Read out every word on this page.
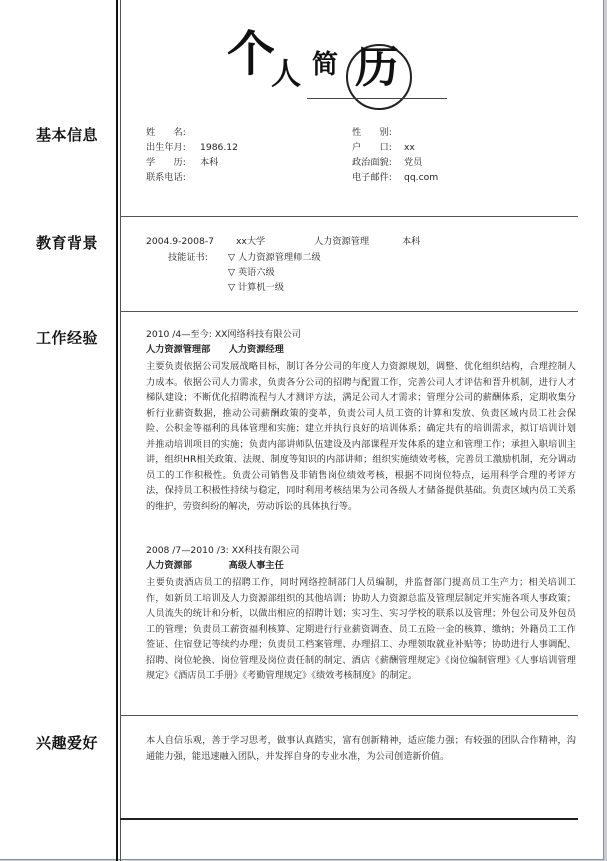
个
人 简 历
基本信息	姓　　名:	性　　别:
出生年月: 1986.12	户　　口: xx
学　　历: 本科	政治面貌: 党员
联系电话:	电子邮件: qq.com
教育背景	2004.9-2008-7 xx大学	人力资源管理	本科
技能证书: ▽ 人力资源管理师二级
▽ 英语六级
▽ 计算机一级
工作经验	2010 /4—至今: XX网络科技有限公司
人力资源管理部　　人力资源经理
主要负责依据公司发展战略目标，制订各分公司的年度人力资源规划，调整、优化组织结构，合理控制人力成本。依据公司人力需求，负责各分公司的招聘与配置工作，完善公司人才评估和晋升机制，进行人才梯队建设；不断优化招聘流程与人才测评方法，满足公司人才需求；管理分公司的薪酬体系，定期收集分析行业薪资数据，推动公司薪酬政策的变革，负责公司人员工资的计算和发放、负责区域内员工社会保险、公积金等福利的具体管理和实施；建立并执行良好的培训体系；确定共有的培训需求，拟订培训计划并推动培训项目的实施；负责内部讲师队伍建设及内部课程开发体系的建立和管理工作；承担入职培训主讲，组织HR相关政策、法规、制度等知识的内部讲师；组织实施绩效考核，完善员工激励机制，充分调动员工的工作积极性。负责公司销售及非销售岗位绩效考核，根据不同岗位特点，运用科学合理的考评方法，保持员工积极性持续与稳定，同时利用考核结果为公司各级人才储备提供基础。负责区域内员工关系的维护，劳资纠纷的解决，劳动诉讼的具体执行等。
2008 /7—2010 /3: XX科技有限公司
人力资源部　　　　高级人事主任
主要负责酒店员工的招聘工作，同时网络控制部门人员编制，并监督部门提高员工生产力；相关培训工作，如新员工培训及人力资源部组织的其他培训；协助人力资源总监及管理层制定并实施各项人事政策；人员流失的统计和分析，以做出相应的招聘计划；实习生、实习学校的联系以及管理；外包公司及外包员工的管理；负责员工薪资福利核算、定期进行行业薪资调查、员工五险一金的核算、缴纳；外籍员工工作签证、住宿登记等续约办理；负责员工档案管理、办理招工、办理领取就业补贴等；协助进行人事调配、招聘、岗位轮换、岗位管理及岗位责任制的制定、酒店《薪酬管理规定》《岗位编制管理》《人事培训管理规定》《酒店员工手册》《考勤管理规定》《绩效考核制度》的制定。
兴趣爱好	本人自信乐观，善于学习思考，做事认真踏实，富有创新精神，适应能力强；有较强的团队合作精神，沟通能力强，能迅速融入团队，并发挥自身的专业水准，为公司创造新价值。
